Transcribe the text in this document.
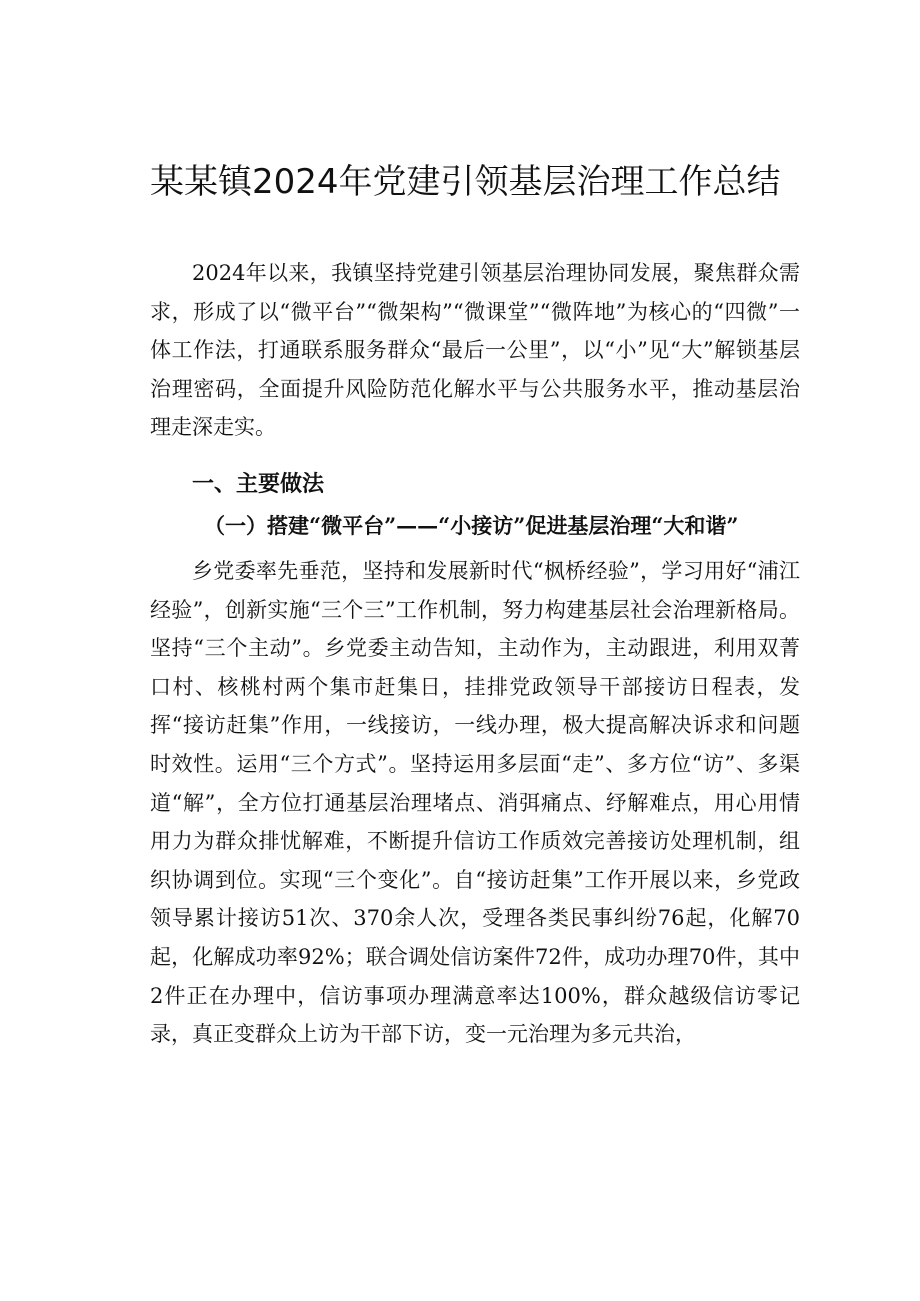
某某镇2024年党建引领基层治理工作总结

2024年以来，我镇坚持党建引领基层治理协同发展，聚焦群众需求，形成了以“微平台”“微架构”“微课堂”“微阵地”为核心的“四微”一体工作法，打通联系服务群众“最后一公里”，以“小”见“大”解锁基层治理密码，全面提升风险防范化解水平与公共服务水平，推动基层治理走深走实。

一、主要做法
（一）搭建“微平台”——“小接访”促进基层治理“大和谐”

乡党委率先垂范，坚持和发展新时代“枫桥经验”，学习用好“浦江经验”，创新实施“三个三”工作机制，努力构建基层社会治理新格局。坚持“三个主动”。乡党委主动告知，主动作为，主动跟进，利用双菁口村、核桃村两个集市赶集日，挂排党政领导干部接访日程表，发挥“接访赶集”作用，一线接访，一线办理，极大提高解决诉求和问题时效性。运用“三个方式”。坚持运用多层面“走”、多方位“访”、多渠道“解”，全方位打通基层治理堵点、消弭痛点、纾解难点，用心用情用力为群众排忧解难，不断提升信访工作质效完善接访处理机制，组织协调到位。实现“三个变化”。自“接访赶集”工作开展以来，乡党政领导累计接访51次、370余人次，受理各类民事纠纷76起，化解70起，化解成功率92%；联合调处信访案件72件，成功办理70件，其中2件正在办理中，信访事项办理满意率达100%，群众越级信访零记录，真正变群众上访为干部下访，变一元治理为多元共治，
